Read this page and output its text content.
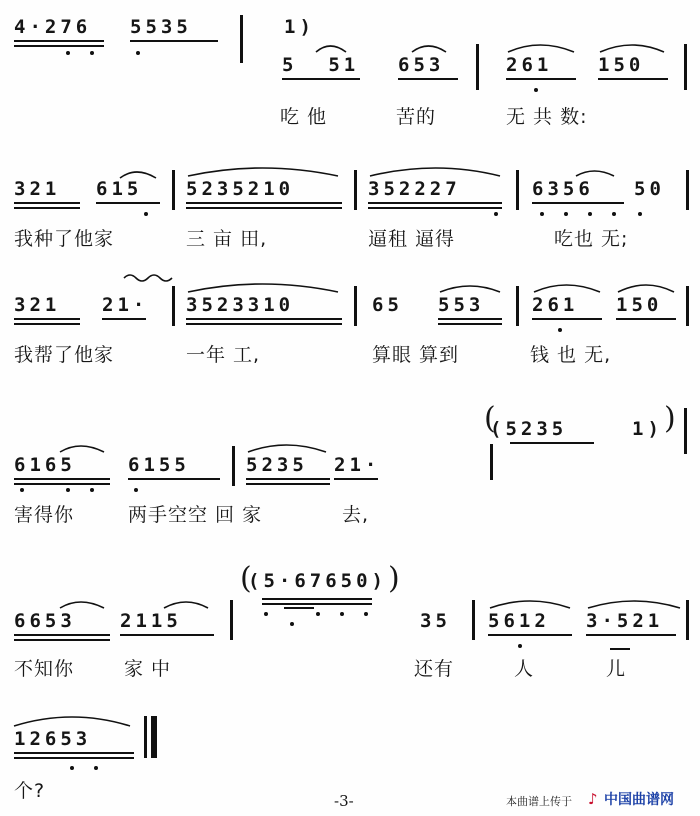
4·276 5535	1)
5  51 653	261 150
吃 他	苦的	无 共 数:
321 615 5235210	352227	6356 50
我种了他家	三 亩 田,	逼租 逼得	吃也 无;
321 21· 3523310	65 553	261 150
我帮了他家	一年 工,	算眼 算到	钱 也 无,
(5235	1)
6165	6155	5235 21·
害得你	两手空空 回 家	去,
(5·67650)
6653 2115	35 5612 3·521
不知你	家 中	还有	人	儿
12653
个?
(	)
(	)
-3-	本曲谱上传于 ♪ 中国曲谱网
